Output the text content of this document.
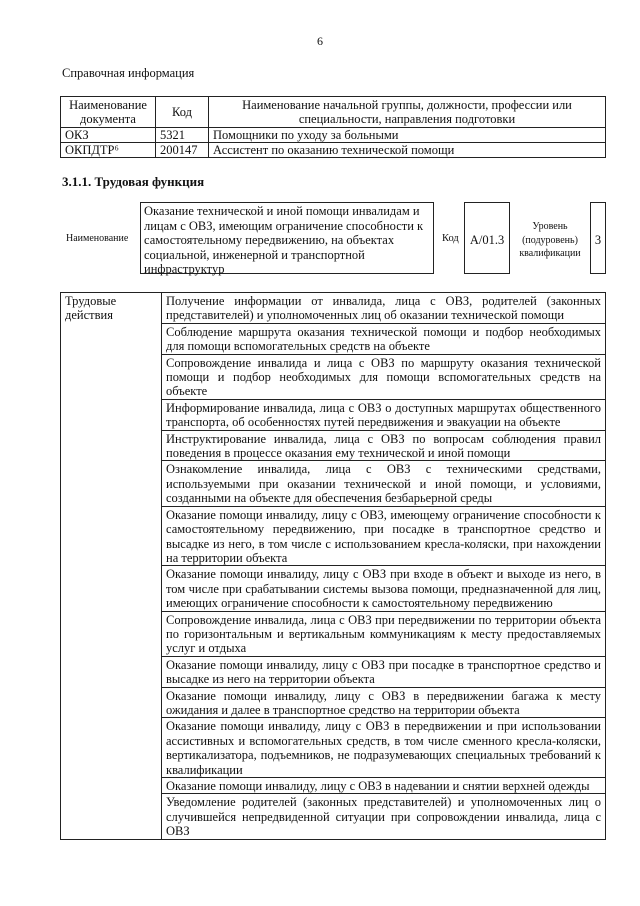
6
Справочная информация
Наименование документа	Код	Наименование начальной группы, должности, профессии или специальности, направления подготовки
ОКЗ	5321	Помощники по уходу за больными
ОКПДТР⁶	200147	Ассистент по оказанию технической помощи
3.1.1. Трудовая функция
Наименование
Оказание технической и иной помощи инвалидам и лицам с ОВЗ, имеющим ограничение способности к самостоятельному передвижению, на объектах социальной, инженерной и транспортной инфраструктур
Код A/01.3
Уровень (подуровень) квалификации
3
Трудовые действия	Получение информации от инвалида, лица с ОВЗ, родителей (законных представителей) и уполномоченных лиц об оказании технической помощи
Соблюдение маршрута оказания технической помощи и подбор необходимых для помощи вспомогательных средств на объекте
Сопровождение инвалида и лица с ОВЗ по маршруту оказания технической помощи и подбор необходимых для помощи вспомогательных средств на объекте
Информирование инвалида, лица с ОВЗ о доступных маршрутах общественного транспорта, об особенностях путей передвижения и эвакуации на объекте
Инструктирование инвалида, лица с ОВЗ по вопросам соблюдения правил поведения в процессе оказания ему технической и иной помощи
Ознакомление инвалида, лица с ОВЗ с техническими средствами, используемыми при оказании технической и иной помощи, и условиями, созданными на объекте для обеспечения безбарьерной среды
Оказание помощи инвалиду, лицу с ОВЗ, имеющему ограничение способности к самостоятельному передвижению, при посадке в транспортное средство и высадке из него, в том числе с использованием кресла-коляски, при нахождении на территории объекта
Оказание помощи инвалиду, лицу с ОВЗ при входе в объект и выходе из него, в том числе при срабатывании системы вызова помощи, предназначенной для лиц, имеющих ограничение способности к самостоятельному передвижению
Сопровождение инвалида, лица с ОВЗ при передвижении по территории объекта по горизонтальным и вертикальным коммуникациям к месту предоставляемых услуг и отдыха
Оказание помощи инвалиду, лицу с ОВЗ при посадке в транспортное средство и высадке из него на территории объекта
Оказание помощи инвалиду, лицу с ОВЗ в передвижении багажа к месту ожидания и далее в транспортное средство на территории объекта
Оказание помощи инвалиду, лицу с ОВЗ в передвижении и при использовании ассистивных и вспомогательных средств, в том числе сменного кресла-коляски, вертикализатора, подъемников, не подразумевающих специальных требований к квалификации
Оказание помощи инвалиду, лицу с ОВЗ в надевании и снятии верхней одежды
Уведомление родителей (законных представителей) и уполномоченных лиц о случившейся непредвиденной ситуации при сопровождении инвалида, лица с ОВЗ
